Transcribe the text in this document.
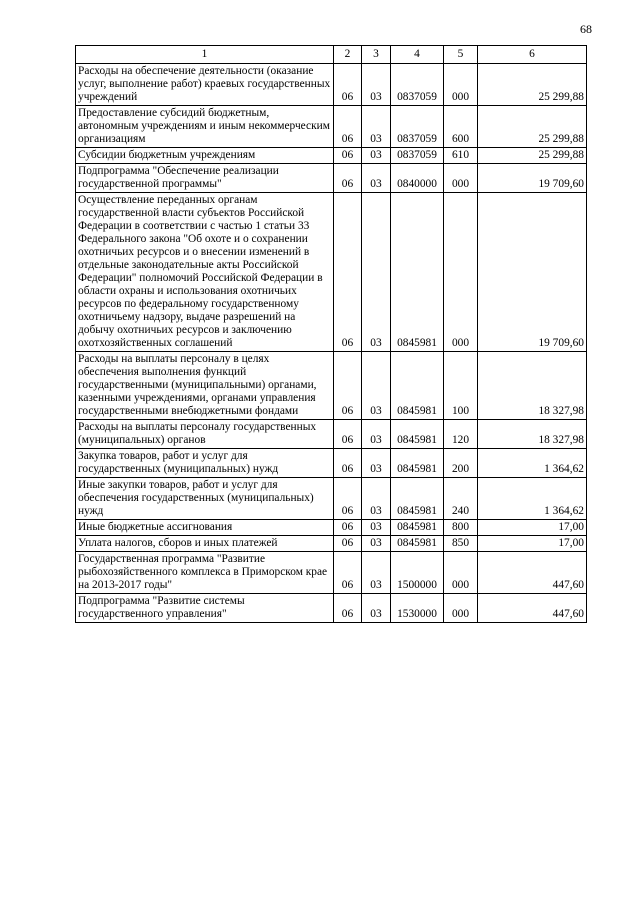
68
1	2	3	4	5	6
Расходы на обеспечение деятельности (оказание услуг, выполнение работ) краевых государственных учреждений	06	03	0837059	000	25 299,88
Предоставление субсидий бюджетным, автономным учреждениям и иным некоммерческим организациям	06	03	0837059	600	25 299,88
Субсидии бюджетным учреждениям	06	03	0837059	610	25 299,88
Подпрограмма "Обеспечение реализации государственной программы"	06	03	0840000	000	19 709,60
Осуществление переданных органам государственной власти субъектов Российской Федерации в соответствии с частью 1 статьи 33 Федерального закона "Об охоте и о сохранении охотничьих ресурсов и о внесении изменений в отдельные законодательные акты Российской Федерации" полномочий Российской Федерации в области охраны и использования охотничьих ресурсов по федеральному государственному охотничьему надзору, выдаче разрешений на добычу охотничьих ресурсов и заключению охотхозяйственных соглашений	06	03	0845981	000	19 709,60
Расходы на выплаты персоналу в целях обеспечения выполнения функций государственными (муниципальными) органами, казенными учреждениями, органами управления государственными внебюджетными фондами	06	03	0845981	100	18 327,98
Расходы на выплаты персоналу государственных (муниципальных) органов	06	03	0845981	120	18 327,98
Закупка товаров, работ и услуг для государственных (муниципальных) нужд	06	03	0845981	200	1 364,62
Иные закупки товаров, работ и услуг для обеспечения государственных (муниципальных) нужд	06	03	0845981	240	1 364,62
Иные бюджетные ассигнования	06	03	0845981	800	17,00
Уплата налогов, сборов и иных платежей	06	03	0845981	850	17,00
Государственная программа "Развитие рыбохозяйственного комплекса в Приморском крае на 2013-2017 годы"	06	03	1500000	000	447,60
Подпрограмма "Развитие системы государственного управления"	06	03	1530000	000	447,60
